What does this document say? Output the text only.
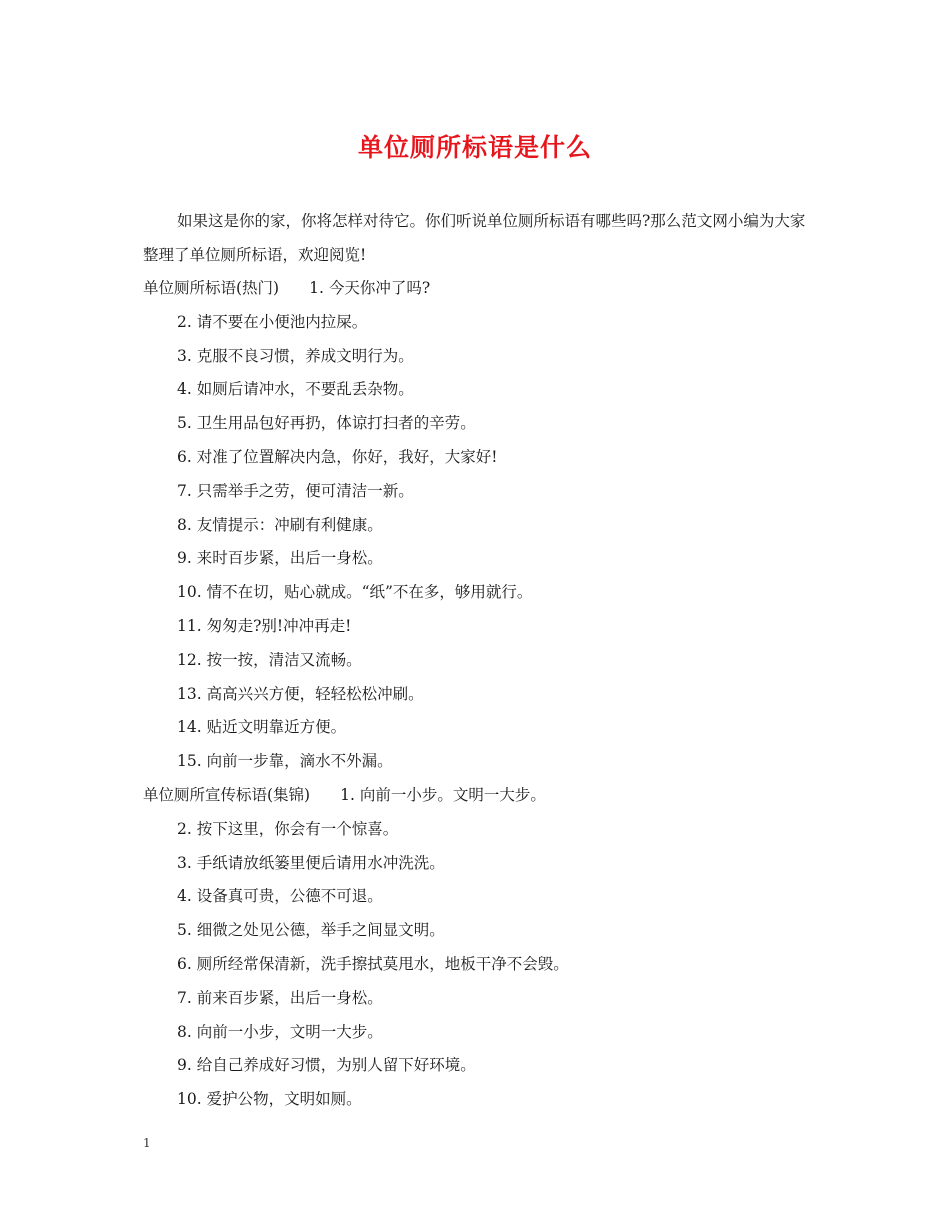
单位厕所标语是什么
如果这是你的家，你将怎样对待它。你们听说单位厕所标语有哪些吗?那么范文网小编为大家整理了单位厕所标语，欢迎阅览!
单位厕所标语(热门) 1. 今天你冲了吗?
2. 请不要在小便池内拉屎。
3. 克服不良习惯，养成文明行为。
4. 如厕后请冲水，不要乱丢杂物。
5. 卫生用品包好再扔，体谅打扫者的辛劳。
6. 对准了位置解决内急，你好，我好，大家好!
7. 只需举手之劳，便可清洁一新。
8. 友情提示：冲刷有利健康。
9. 来时百步紧，出后一身松。
10. 情不在切，贴心就成。“纸”不在多，够用就行。
11. 匆匆走?别!冲冲再走!
12. 按一按，清洁又流畅。
13. 高高兴兴方便，轻轻松松冲刷。
14. 贴近文明靠近方便。
15. 向前一步靠，滴水不外漏。
单位厕所宣传标语(集锦) 1. 向前一小步。文明一大步。
2. 按下这里，你会有一个惊喜。
3. 手纸请放纸篓里便后请用水冲洗洗。
4. 设备真可贵，公德不可退。
5. 细微之处见公德，举手之间显文明。
6. 厕所经常保清新，洗手擦拭莫甩水，地板干净不会毁。
7. 前来百步紧，出后一身松。
8. 向前一小步，文明一大步。
9. 给自己养成好习惯，为别人留下好环境。
10. 爱护公物，文明如厕。
1
